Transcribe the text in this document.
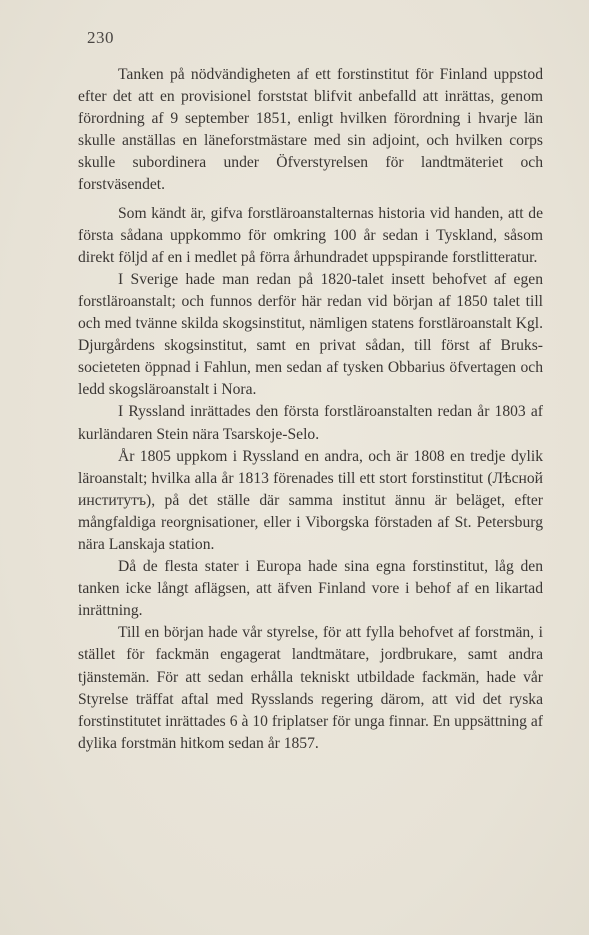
230

Tanken på nödvändigheten af ett forstinstitut för Finland uppstod efter det att en provisionel forststat blifvit anbefalld att inrättas, genom förordning af 9 september 1851, enligt hvilken förordning i hvarje län skulle anställas en läneforstmästare med sin adjoint, och hvilken corps skulle subordinera under Öfverstyrelsen för landtmäteriet och forstväsendet.

Som kändt är, gifva forstläroanstalternas historia vid handen, att de första sådana uppkommo för omkring 100 år sedan i Tyskland, såsom direkt följd af en i medlet på förra århundradet uppspirande forstlitteratur.

I Sverige hade man redan på 1820-talet insett behofvet af egen forstläroanstalt; och funnos derför här redan vid början af 1850 talet till och med tvänne skilda skogsinstitut, nämligen statens forstläroanstalt Kgl. Djurgårdens skogsinstitut, samt en privat sådan, till först af Bruks-societeten öppnad i Fahlun, men sedan af tysken Obbarius öfvertagen och ledd skogsläroanstalt i Nora.

I Ryssland inrättades den första forstläroanstalten redan år 1803 af kurländaren Stein nära Tsarskoje-Selo.

År 1805 uppkom i Ryssland en andra, och är 1808 en tredje dylik läroanstalt; hvilka alla år 1813 förenades till ett stort forstinstitut (Лѣсной институтъ), på det ställe där samma institut ännu är beläget, efter mångfaldiga reorgnisationer, eller i Viborgska förstaden af St. Petersburg nära Lanskaja station.

Då de flesta stater i Europa hade sina egna forstinstitut, låg den tanken icke långt aflägsen, att äfven Finland vore i behof af en likartad inrättning.

Till en början hade vår styrelse, för att fylla behofvet af forstmän, i stället för fackmän engagerat landtmätare, jordbrukare, samt andra tjänstemän. För att sedan erhålla tekniskt utbildade fackmän, hade vår Styrelse träffat aftal med Rysslands regering därom, att vid det ryska forstinstitutet inrättades 6 à 10 friplatser för unga finnar. En uppsättning af dylika forstmän hitkom sedan år 1857.
